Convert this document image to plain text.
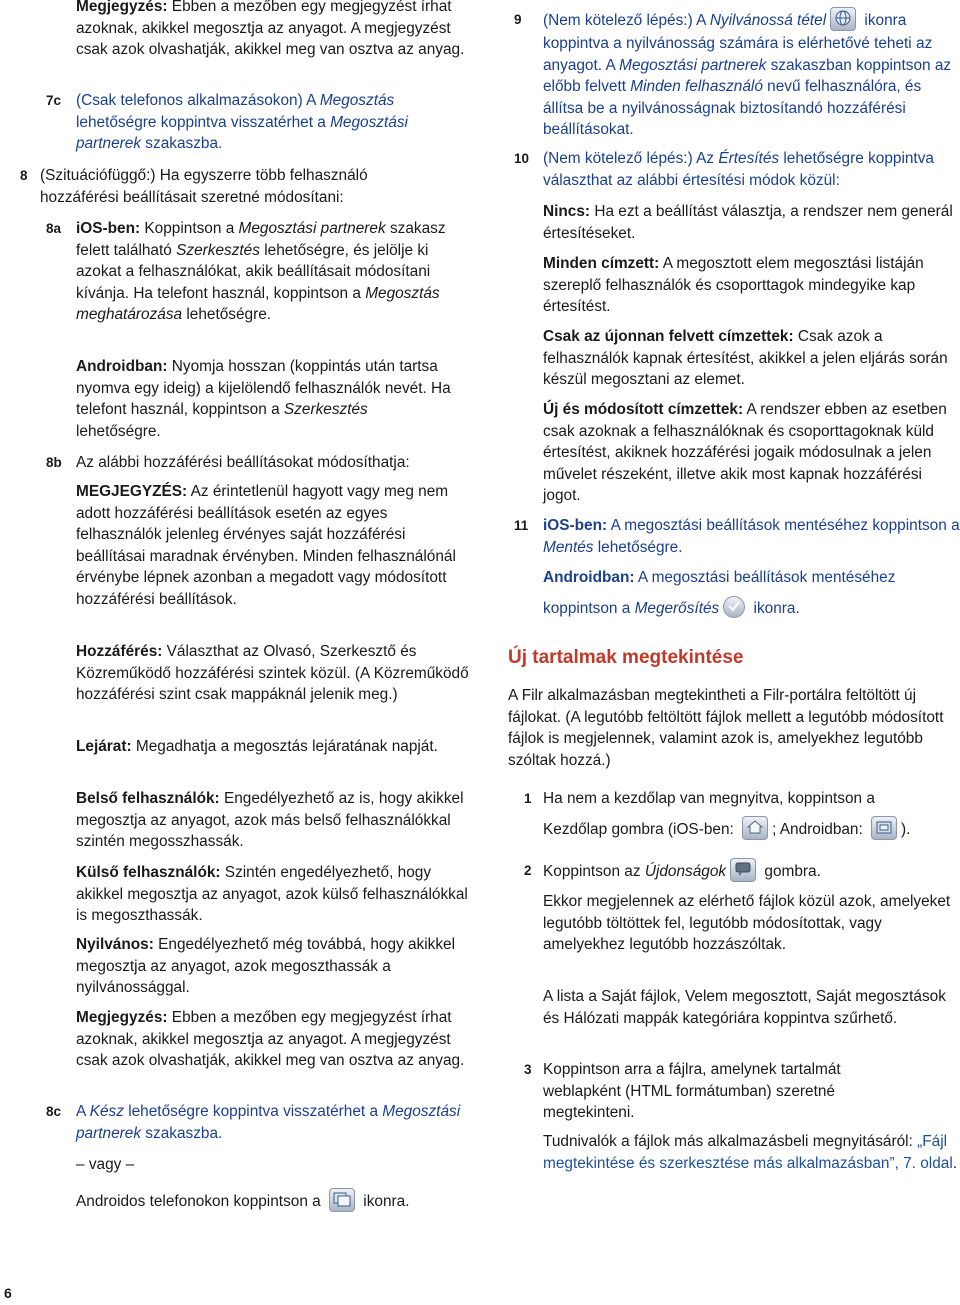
Megjegyzés: Ebben a mezőben egy megjegyzést írhat azoknak, akikkel megosztja az anyagot. A megjegyzést csak azok olvashatják, akikkel meg van osztva az anyag.

7c (Csak telefonos alkalmazásokon) A Megosztás lehetőségre koppintva visszatérhet a Megosztási partnerek szakaszba.

8 (Szituációfüggő:) Ha egyszerre több felhasználó hozzáférési beállításait szeretné módosítani:

8a iOS-ben: Koppintson a Megosztási partnerek szakasz felett található Szerkesztés lehetőségre, és jelölje ki azokat a felhasználókat, akik beállításait módosítani kívánja. Ha telefont használ, koppintson a Megosztás meghatározása lehetőségre.

Androidban: Nyomja hosszan (koppintás után tartsa nyomva egy ideig) a kijelölendő felhasználók nevét. Ha telefont használ, koppintson a Szerkesztés lehetőségre.

8b Az alábbi hozzáférési beállításokat módosíthatja:

MEGJEGYZÉS: Az érintetlenül hagyott vagy meg nem adott hozzáférési beállítások esetén az egyes felhasználók jelenleg érvényes saját hozzáférési beállításai maradnak érvényben. Minden felhasználónál érvénybe lépnek azonban a megadott vagy módosított hozzáférési beállítások.

Hozzáférés: Választhat az Olvasó, Szerkesztő és Közreműködő hozzáférési szintek közül. (A Közreműködő hozzáférési szint csak mappáknál jelenik meg.)

Lejárat: Megadhatja a megosztás lejáratának napját.

Belső felhasználók: Engedélyezhető az is, hogy akikkel megosztja az anyagot, azok más belső felhasználókkal szintén megosszhassák.

Külső felhasználók: Szintén engedélyezhető, hogy akikkel megosztja az anyagot, azok külső felhasználókkal is megoszthassák.

Nyilvános: Engedélyezhető még továbbá, hogy akikkel megosztja az anyagot, azok megoszthassák a nyilvánossággal.

Megjegyzés: Ebben a mezőben egy megjegyzést írhat azoknak, akikkel megosztja az anyagot. A megjegyzést csak azok olvashatják, akikkel meg van osztva az anyag.

8c A Kész lehetőségre koppintva visszatérhet a Megosztási partnerek szakaszba.

– vagy –

Androidos telefonokon koppintson a
ikonra.

9 (Nem kötelező lépés:) A Nyilvánossá tétel
ikonra koppintva a nyilvánosság számára is elérhetővé teheti az anyagot. A Megosztási partnerek szakaszban koppintson az előbb felvett Minden felhasználó nevű felhasználóra, és állítsa be a nyilvánosságnak biztosítandó hozzáférési beállításokat.

10 (Nem kötelező lépés:) Az Értesítés lehetőségre koppintva választhat az alábbi értesítési módok közül:

Nincs: Ha ezt a beállítást választja, a rendszer nem generál értesítéseket.

Minden címzett: A megosztott elem megosztási listáján szereplő felhasználók és csoporttagok mindegyike kap értesítést.

Csak az újonnan felvett címzettek: Csak azok a felhasználók kapnak értesítést, akikkel a jelen eljárás során készül megosztani az elemet.

Új és módosított címzettek: A rendszer ebben az esetben csak azoknak a felhasználóknak és csoporttagoknak küld értesítést, akiknek hozzáférési jogaik módosulnak a jelen művelet részeként, illetve akik most kapnak hozzáférési jogot.

11 iOS-ben: A megosztási beállítások mentéséhez koppintson a Mentés lehetőségre.

Androidban: A megosztási beállítások mentéséhez

koppintson a Megerősítés
ikonra.

Új tartalmak megtekintése

A Filr alkalmazásban megtekintheti a Filr-portálra feltöltött új fájlokat. (A legutóbb feltöltött fájlok mellett a legutóbb módosított fájlok is megjelennek, valamint azok is, amelyekhez legutóbb szóltak hozzá.)

1 Ha nem a kezdőlap van megnyitva, koppintson a

Kezdőlap gombra (iOS-ben:
; Androidban:
).

2 Koppintson az Újdonságok
gombra.

Ekkor megjelennek az elérhető fájlok közül azok, amelyeket legutóbb töltöttek fel, legutóbb módosítottak, vagy amelyekhez legutóbb hozzászóltak.

A lista a Saját fájlok, Velem megosztott, Saját megosztások és Hálózati mappák kategóriára koppintva szűrhető.

3 Koppintson arra a fájlra, amelynek tartalmát weblapként (HTML formátumban) szeretné megtekinteni.

Tudnivalók a fájlok más alkalmazásbeli megnyitásáról: „Fájl megtekintése és szerkesztése más alkalmazásban”, 7. oldal.

6
